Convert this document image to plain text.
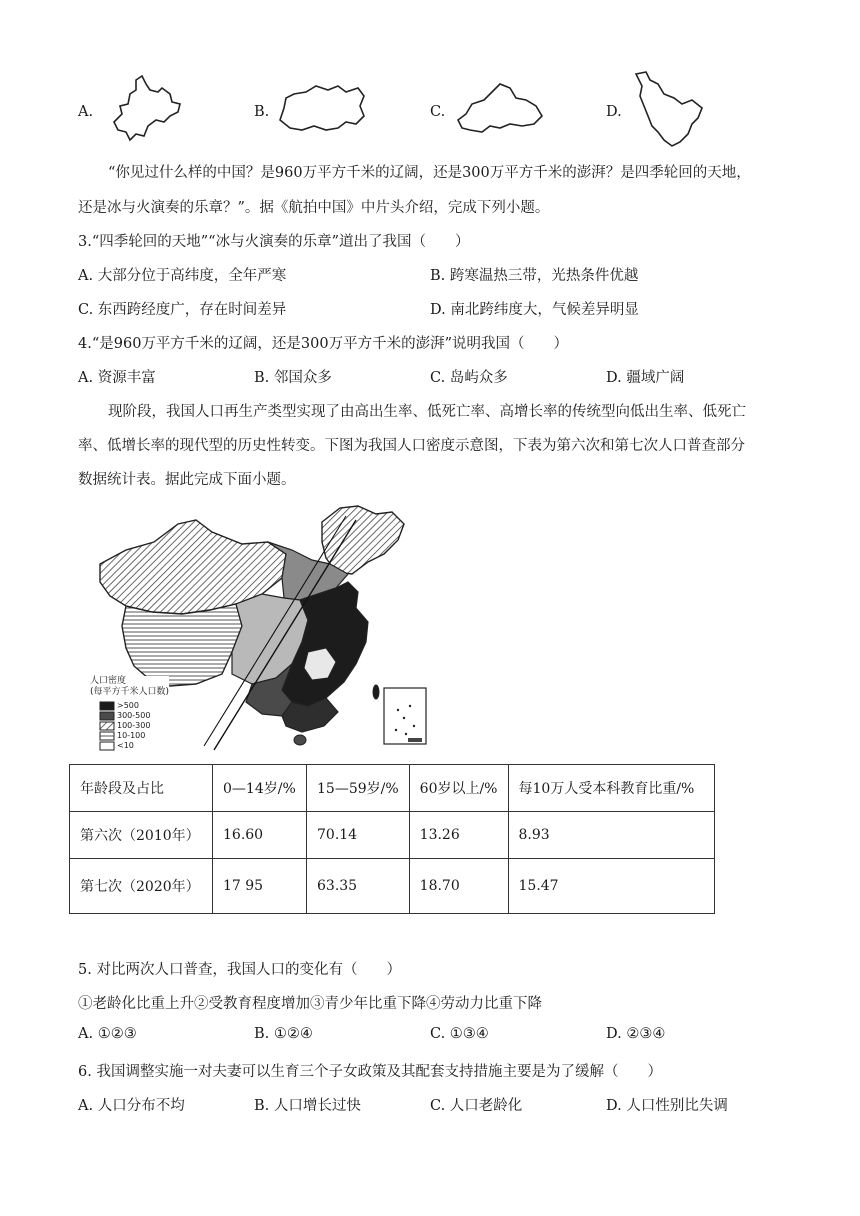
A.	B.	C.	D.
“你见过什么样的中国？是960万平方千米的辽阔，还是300万平方千米的澎湃？是四季轮回的天地，
还是冰与火演奏的乐章？”。据《航拍中国》中片头介绍，完成下列小题。
3.“四季轮回的天地”“冰与火演奏的乐章”道出了我国（　　）
A. 大部分位于高纬度，全年严寒	B. 跨寒温热三带，光热条件优越
C. 东西跨经度广，存在时间差异	D. 南北跨纬度大，气候差异明显
4.“是960万平方千米的辽阔，还是300万平方千米的澎湃”说明我国（　　）
A. 资源丰富	B. 邻国众多	C. 岛屿众多	D. 疆域广阔
现阶段，我国人口再生产类型实现了由高出生率、低死亡率、高增长率的传统型向低出生率、低死亡
率、低增长率的现代型的历史性转变。下图为我国人口密度示意图，下表为第六次和第七次人口普查部分
数据统计表。据此完成下面小题。
人口密度
(每平方千米人口数)
>500
300-500
100-300
10-100
<10
年龄段及占比	0—14岁/%	15—59岁/%	60岁以上/%	每10万人受本科教育比重/%
第六次（2010年）	16.60	70.14	13.26	8.93
第七次（2020年）	17 95	63.35	18.70	15.47
5. 对比两次人口普查，我国人口的变化有（　　）
①老龄化比重上升②受教育程度增加③青少年比重下降④劳动力比重下降
A. ①②③	B. ①②④	C. ①③④	D. ②③④
6. 我国调整实施一对夫妻可以生育三个子女政策及其配套支持措施主要是为了缓解（　　）
A. 人口分布不均	B. 人口增长过快	C. 人口老龄化	D. 人口性别比失调
